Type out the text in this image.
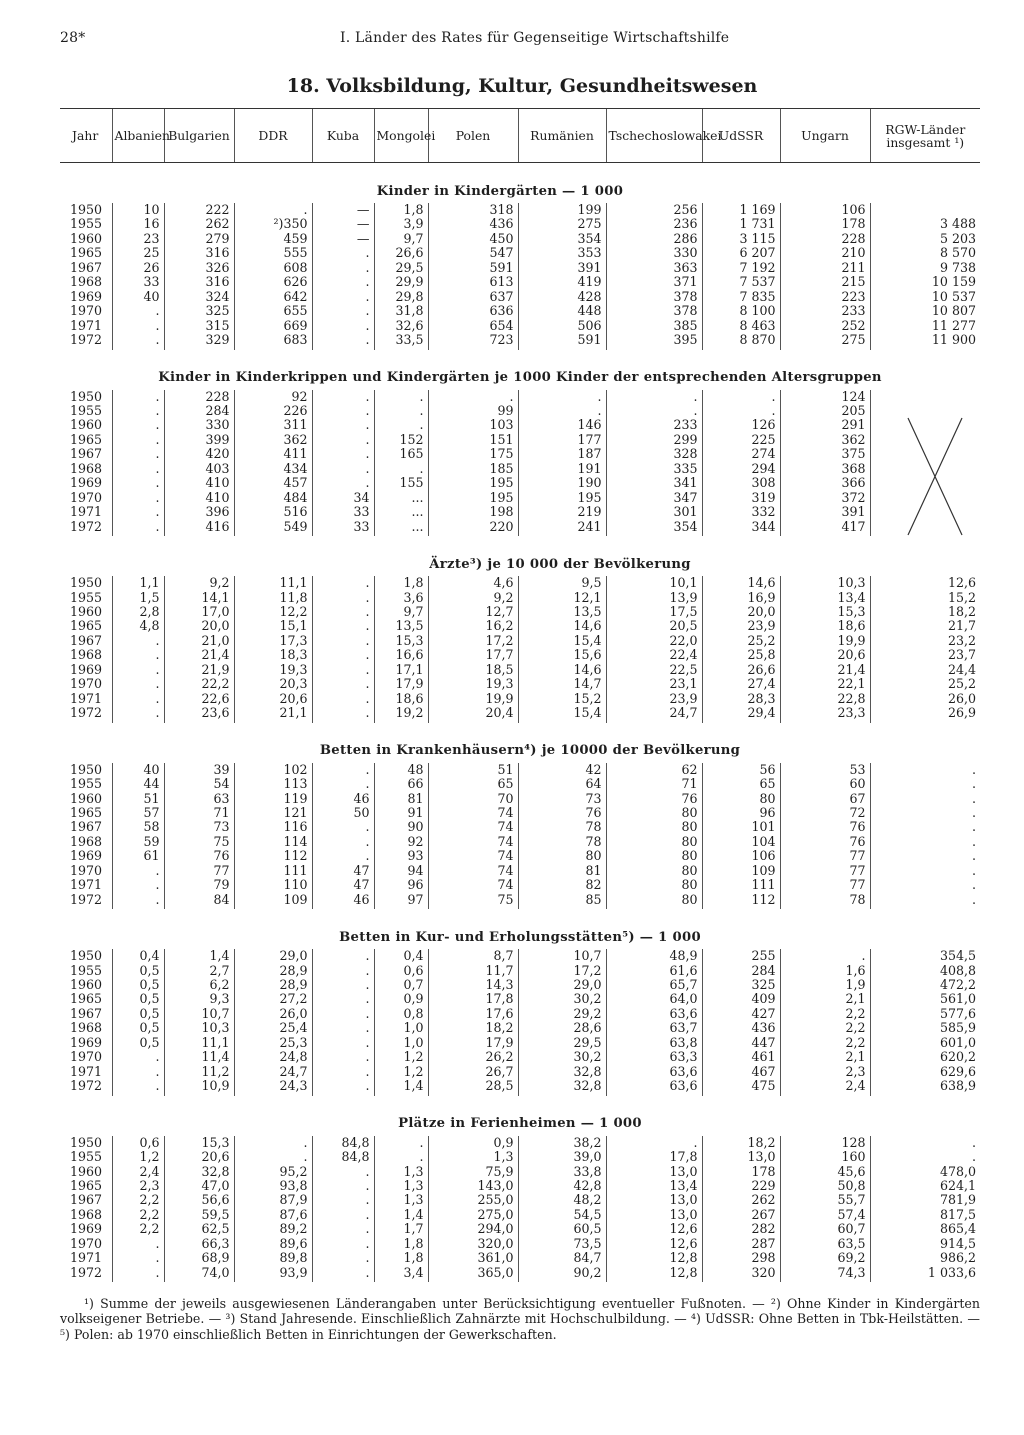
28*	I. Länder des Rates für Gegenseitige Wirtschaftshilfe
18. Volksbildung, Kultur, Gesundheitswesen
Jahr	Albanien	Bulgarien	DDR	Kuba	Mongolei	Polen	Rumänien	Tschechoslowakei	UdSSR	Ungarn	RGW-Länder insgesamt ¹)
Kinder in Kindergärten — 1 000											
1950	10	222	.	—	1,8	318	199	256	1 169	106	
1955	16	262	²)350	—	3,9	436	275	236	1 731	178	3 488
1960	23	279	459	—	9,7	450	354	286	3 115	228	5 203
1965	25	316	555	.	26,6	547	353	330	6 207	210	8 570
1967	26	326	608	.	29,5	591	391	363	7 192	211	9 738
1968	33	316	626	.	29,9	613	419	371	7 537	215	10 159
1969	40	324	642	.	29,8	637	428	378	7 835	223	10 537
1970	.	325	655	.	31,8	636	448	378	8 100	233	10 807
1971	.	315	669	.	32,6	654	506	385	8 463	252	11 277
1972	.	329	683	.	33,5	723	591	395	8 870	275	11 900
Kinder in Kinderkrippen und Kindergärten je 1000 Kinder der entsprechenden Altersgruppen											
1950	.	228	92	.	.	.	.	.	.	124	
1955	.	284	226	.	.	99	.	.	.	205	
1960	.	330	311	.	.	103	146	233	126	291	
1965	.	399	362	.	152	151	177	299	225	362	
1967	.	420	411	.	165	175	187	328	274	375	
1968	.	403	434	.	.	185	191	335	294	368	
1969	.	410	457	.	155	195	190	341	308	366	
1970	.	410	484	34	...	195	195	347	319	372	
1971	.	396	516	33	...	198	219	301	332	391	
1972	.	416	549	33	...	220	241	354	344	417	
Ärzte³) je 10 000 der Bevölkerung											
1950	1,1	9,2	11,1	.	1,8	4,6	9,5	10,1	14,6	10,3	12,6
1955	1,5	14,1	11,8	.	3,6	9,2	12,1	13,9	16,9	13,4	15,2
1960	2,8	17,0	12,2	.	9,7	12,7	13,5	17,5	20,0	15,3	18,2
1965	4,8	20,0	15,1	.	13,5	16,2	14,6	20,5	23,9	18,6	21,7
1967	.	21,0	17,3	.	15,3	17,2	15,4	22,0	25,2	19,9	23,2
1968	.	21,4	18,3	.	16,6	17,7	15,6	22,4	25,8	20,6	23,7
1969	.	21,9	19,3	.	17,1	18,5	14,6	22,5	26,6	21,4	24,4
1970	.	22,2	20,3	.	17,9	19,3	14,7	23,1	27,4	22,1	25,2
1971	.	22,6	20,6	.	18,6	19,9	15,2	23,9	28,3	22,8	26,0
1972	.	23,6	21,1	.	19,2	20,4	15,4	24,7	29,4	23,3	26,9
Betten in Krankenhäusern⁴) je 10000 der Bevölkerung											
1950	40	39	102	.	48	51	42	62	56	53	.
1955	44	54	113	.	66	65	64	71	65	60	.
1960	51	63	119	46	81	70	73	76	80	67	.
1965	57	71	121	50	91	74	76	80	96	72	.
1967	58	73	116	.	90	74	78	80	101	76	.
1968	59	75	114	.	92	74	78	80	104	76	.
1969	61	76	112	.	93	74	80	80	106	77	.
1970	.	77	111	47	94	74	81	80	109	77	.
1971	.	79	110	47	96	74	82	80	111	77	.
1972	.	84	109	46	97	75	85	80	112	78	.
Betten in Kur- und Erholungsstätten⁵) — 1 000											
1950	0,4	1,4	29,0	.	0,4	8,7	10,7	48,9	255	.	354,5
1955	0,5	2,7	28,9	.	0,6	11,7	17,2	61,6	284	1,6	408,8
1960	0,5	6,2	28,9	.	0,7	14,3	29,0	65,7	325	1,9	472,2
1965	0,5	9,3	27,2	.	0,9	17,8	30,2	64,0	409	2,1	561,0
1967	0,5	10,7	26,0	.	0,8	17,6	29,2	63,6	427	2,2	577,6
1968	0,5	10,3	25,4	.	1,0	18,2	28,6	63,7	436	2,2	585,9
1969	0,5	11,1	25,3	.	1,0	17,9	29,5	63,8	447	2,2	601,0
1970	.	11,4	24,8	.	1,2	26,2	30,2	63,3	461	2,1	620,2
1971	.	11,2	24,7	.	1,2	26,7	32,8	63,6	467	2,3	629,6
1972	.	10,9	24,3	.	1,4	28,5	32,8	63,6	475	2,4	638,9
Plätze in Ferienheimen — 1 000											
1950	0,6	15,3	.	84,8	.	0,9	38,2	.	18,2	128	.
1955	1,2	20,6	.	84,8	.	1,3	39,0	17,8	13,0	160	.
1960	2,4	32,8	95,2	.	1,3	75,9	33,8	13,0	178	45,6	478,0
1965	2,3	47,0	93,8	.	1,3	143,0	42,8	13,4	229	50,8	624,1
1967	2,2	56,6	87,9	.	1,3	255,0	48,2	13,0	262	55,7	781,9
1968	2,2	59,5	87,6	.	1,4	275,0	54,5	13,0	267	57,4	817,5
1969	2,2	62,5	89,2	.	1,7	294,0	60,5	12,6	282	60,7	865,4
1970	.	66,3	89,6	.	1,8	320,0	73,5	12,6	287	63,5	914,5
1971	.	68,9	89,8	.	1,8	361,0	84,7	12,8	298	69,2	986,2
1972	.	74,0	93,9	.	3,4	365,0	90,2	12,8	320	74,3	1 033,6
¹) Summe der jeweils ausgewiesenen Länderangaben unter Berücksichtigung eventueller Fußnoten. — ²) Ohne Kinder in Kindergärten volkseigener Betriebe. — ³) Stand Jahresende. Einschließlich Zahnärzte mit Hochschulbildung. — ⁴) UdSSR: Ohne Betten in Tbk-Heilstätten. — ⁵) Polen: ab 1970 einschließlich Betten in Einrichtungen der Gewerkschaften.
